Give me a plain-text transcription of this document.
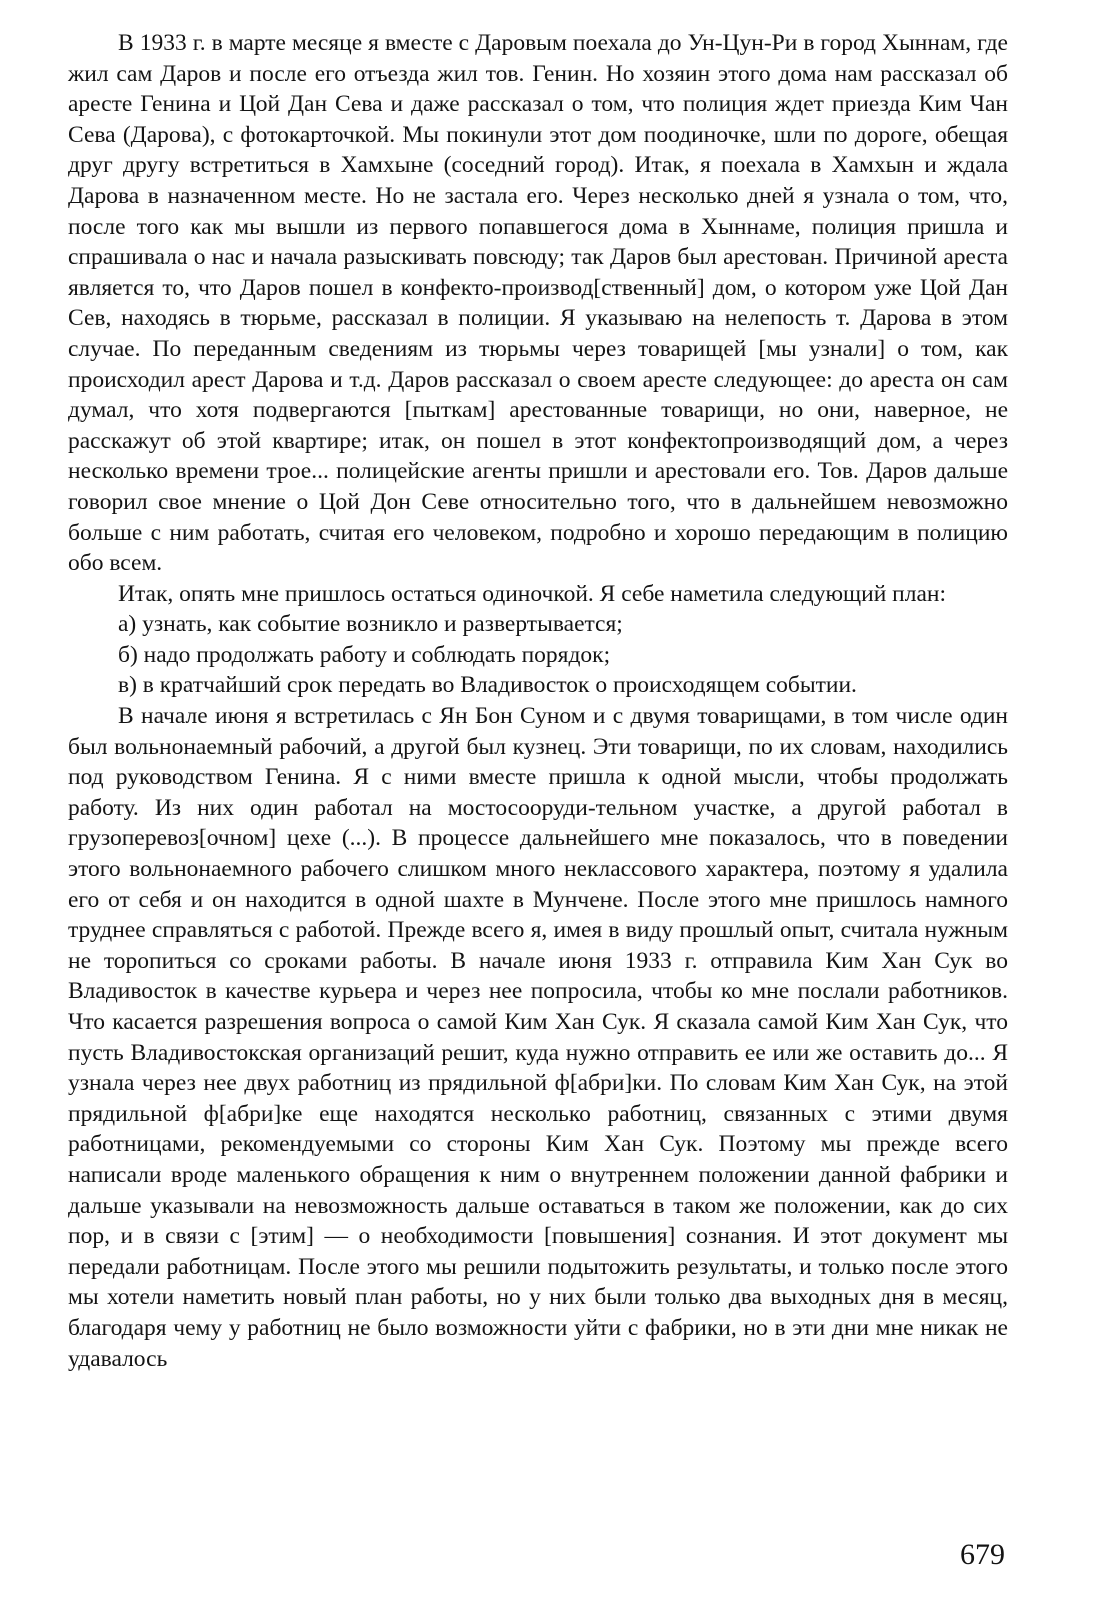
В 1933 г. в марте месяце я вместе с Даровым поехала до Ун-Цун-Ри в город Хыннам, где жил сам Даров и после его отъезда жил тов. Генин. Но хозяин этого дома нам рассказал об аресте Генина и Цой Дан Сева и даже рассказал о том, что полиция ждет приезда Ким Чан Сева (Дарова), с фотокарточкой. Мы покинули этот дом поодиночке, шли по дороге, обещая друг другу встретиться в Хамхыне (соседний город). Итак, я поехала в Хамхын и ждала Дарова в назначенном месте. Но не застала его. Через несколько дней я узнала о том, что, после того как мы вышли из первого попавшегося дома в Хыннаме, полиция пришла и спрашивала о нас и начала разыскивать повсюду; так Даров был арестован. Причиной ареста является то, что Даров пошел в конфекто-производ[ственный] дом, о котором уже Цой Дан Сев, находясь в тюрьме, рассказал в полиции. Я указываю на нелепость т. Дарова в этом случае. По переданным сведениям из тюрьмы через товарищей [мы узнали] о том, как происходил арест Дарова и т.д. Даров рассказал о своем аресте следующее: до ареста он сам думал, что хотя подвергаются [пыткам] арестованные товарищи, но они, наверное, не расскажут об этой квартире; итак, он пошел в этот конфектопроизводящий дом, а через несколько времени трое... полицейские агенты пришли и арестовали его. Тов. Даров дальше говорил свое мнение о Цой Дон Севе относительно того, что в дальнейшем невозможно больше с ним работать, считая его человеком, подробно и хорошо передающим в полицию обо всем.

Итак, опять мне пришлось остаться одиночкой. Я себе наметила следующий план:

а) узнать, как событие возникло и развертывается;

б) надо продолжать работу и соблюдать порядок;

в) в кратчайший срок передать во Владивосток о происходящем событии.

В начале июня я встретилась с Ян Бон Суном и с двумя товарищами, в том числе один был вольнонаемный рабочий, а другой был кузнец. Эти товарищи, по их словам, находились под руководством Генина. Я с ними вместе пришла к одной мысли, чтобы продолжать работу. Из них один работал на мостосооруди-тельном участке, а другой работал в грузоперевоз[очном] цехе (...). В процессе дальнейшего мне показалось, что в поведении этого вольнонаемного рабочего слишком много неклассового характера, поэтому я удалила его от себя и он находится в одной шахте в Мунчене. После этого мне пришлось намного труднее справляться с работой. Прежде всего я, имея в виду прошлый опыт, считала нужным не торопиться со сроками работы. В начале июня 1933 г. отправила Ким Хан Сук во Владивосток в качестве курьера и через нее попросила, чтобы ко мне послали работников. Что касается разрешения вопроса о самой Ким Хан Сук. Я сказала самой Ким Хан Сук, что пусть Владивостокская организаций решит, куда нужно отправить ее или же оставить до... Я узнала через нее двух работниц из прядильной ф[абри]ки. По словам Ким Хан Сук, на этой прядильной ф[абри]ке еще находятся несколько работниц, связанных с этими двумя работницами, рекомендуемыми со стороны Ким Хан Сук. Поэтому мы прежде всего написали вроде маленького обращения к ним о внутреннем положении данной фабрики и дальше указывали на невозможность дальше оставаться в таком же положении, как до сих пор, и в связи с [этим] — о необходимости [повышения] сознания. И этот документ мы передали работницам. После этого мы решили подытожить результаты, и только после этого мы хотели наметить новый план работы, но у них были только два выходных дня в месяц, благодаря чему у работниц не было возможности уйти с фабрики, но в эти дни мне никак не удавалось

679
